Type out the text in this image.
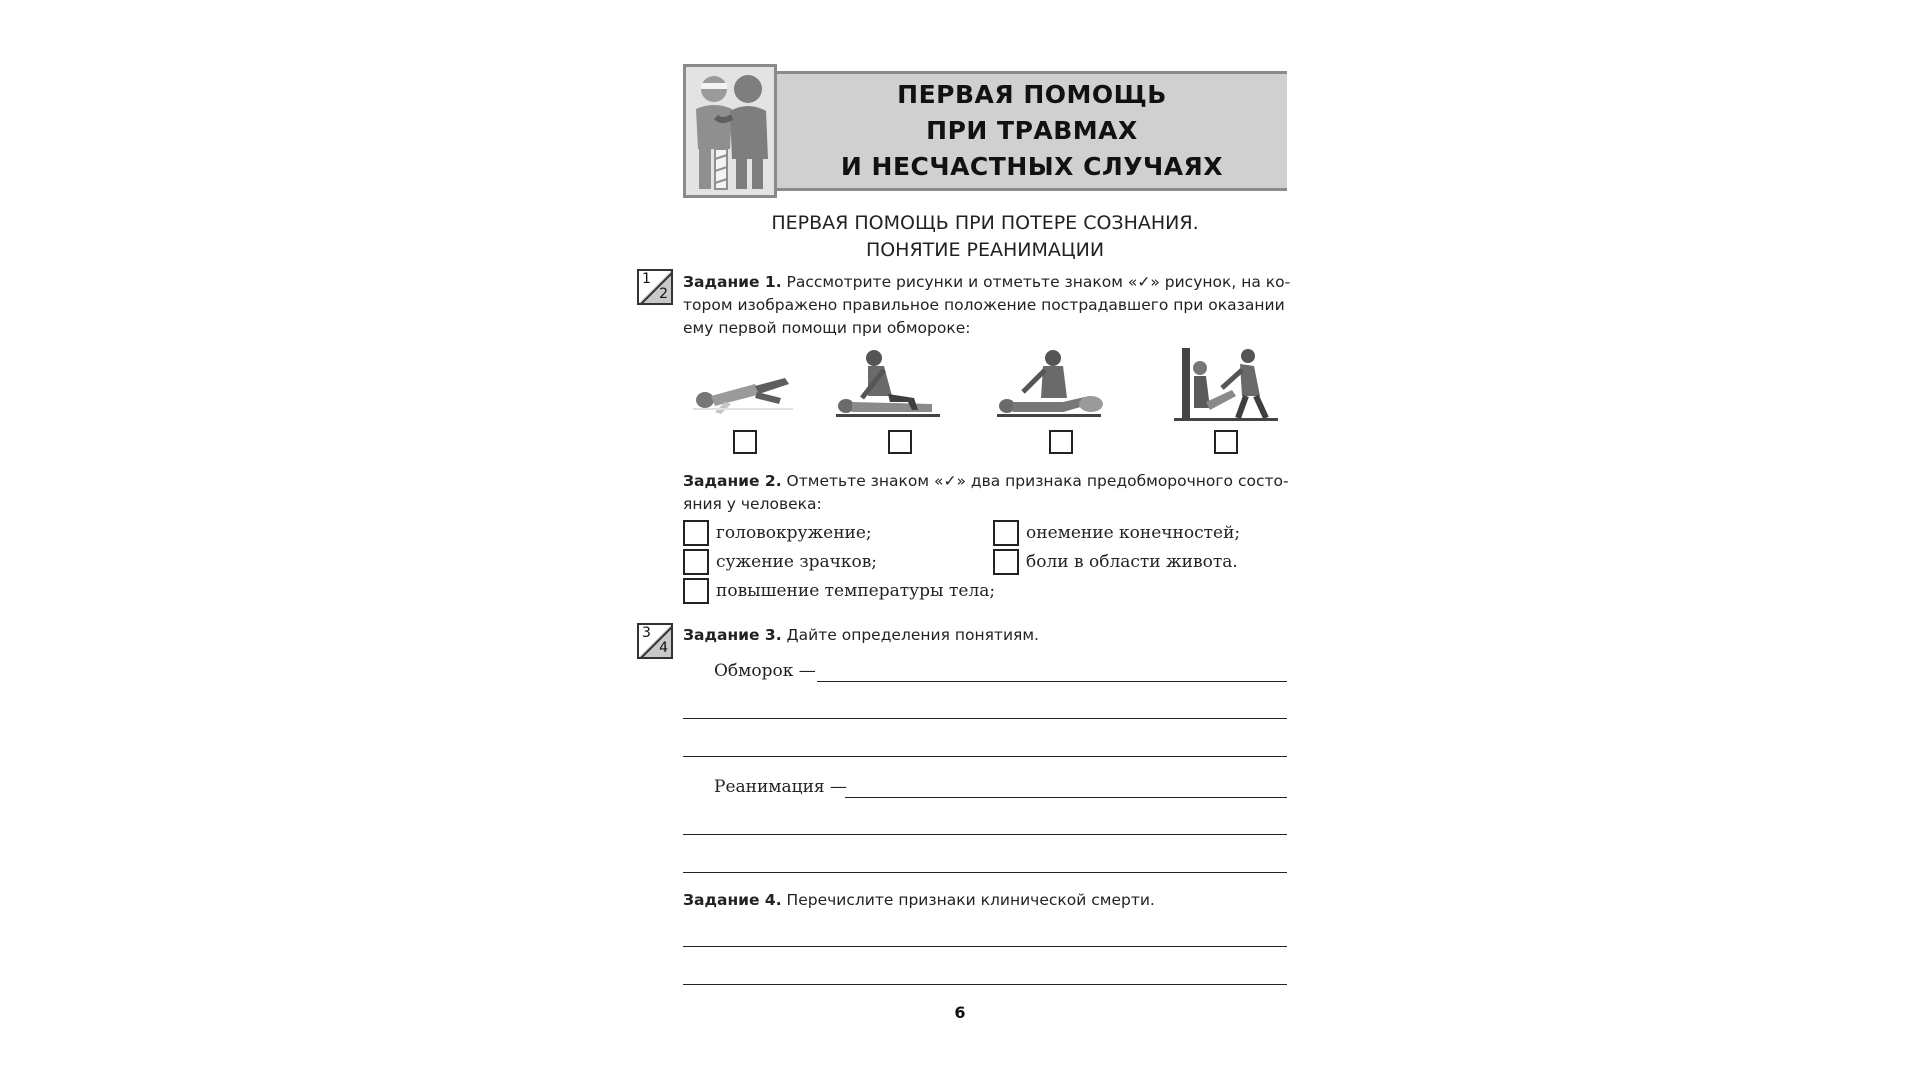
ПЕРВАЯ ПОМОЩЬ
ПРИ ТРАВМАХ
И НЕСЧАСТНЫХ СЛУЧАЯХ
ПЕРВАЯ ПОМОЩЬ ПРИ ПОТЕРЕ СОЗНАНИЯ.
ПОНЯТИЕ РЕАНИМАЦИИ
1
2
Задание 1. Рассмотрите рисунки и отметьте знаком «✓» рисунок, на ко-
тором изображено правильное положение пострадавшего при оказании
ему первой помощи при обмороке:
Задание 2. Отметьте знаком «✓» два признака предобморочного состо-
яния у человека:
головокружение;
сужение зрачков;
повышение температуры тела;
онемение конечностей;
боли в области живота.
3
4
Задание 3. Дайте определения понятиям.
Обморок —
Реанимация —
Задание 4. Перечислите признаки клинической смерти.
6
